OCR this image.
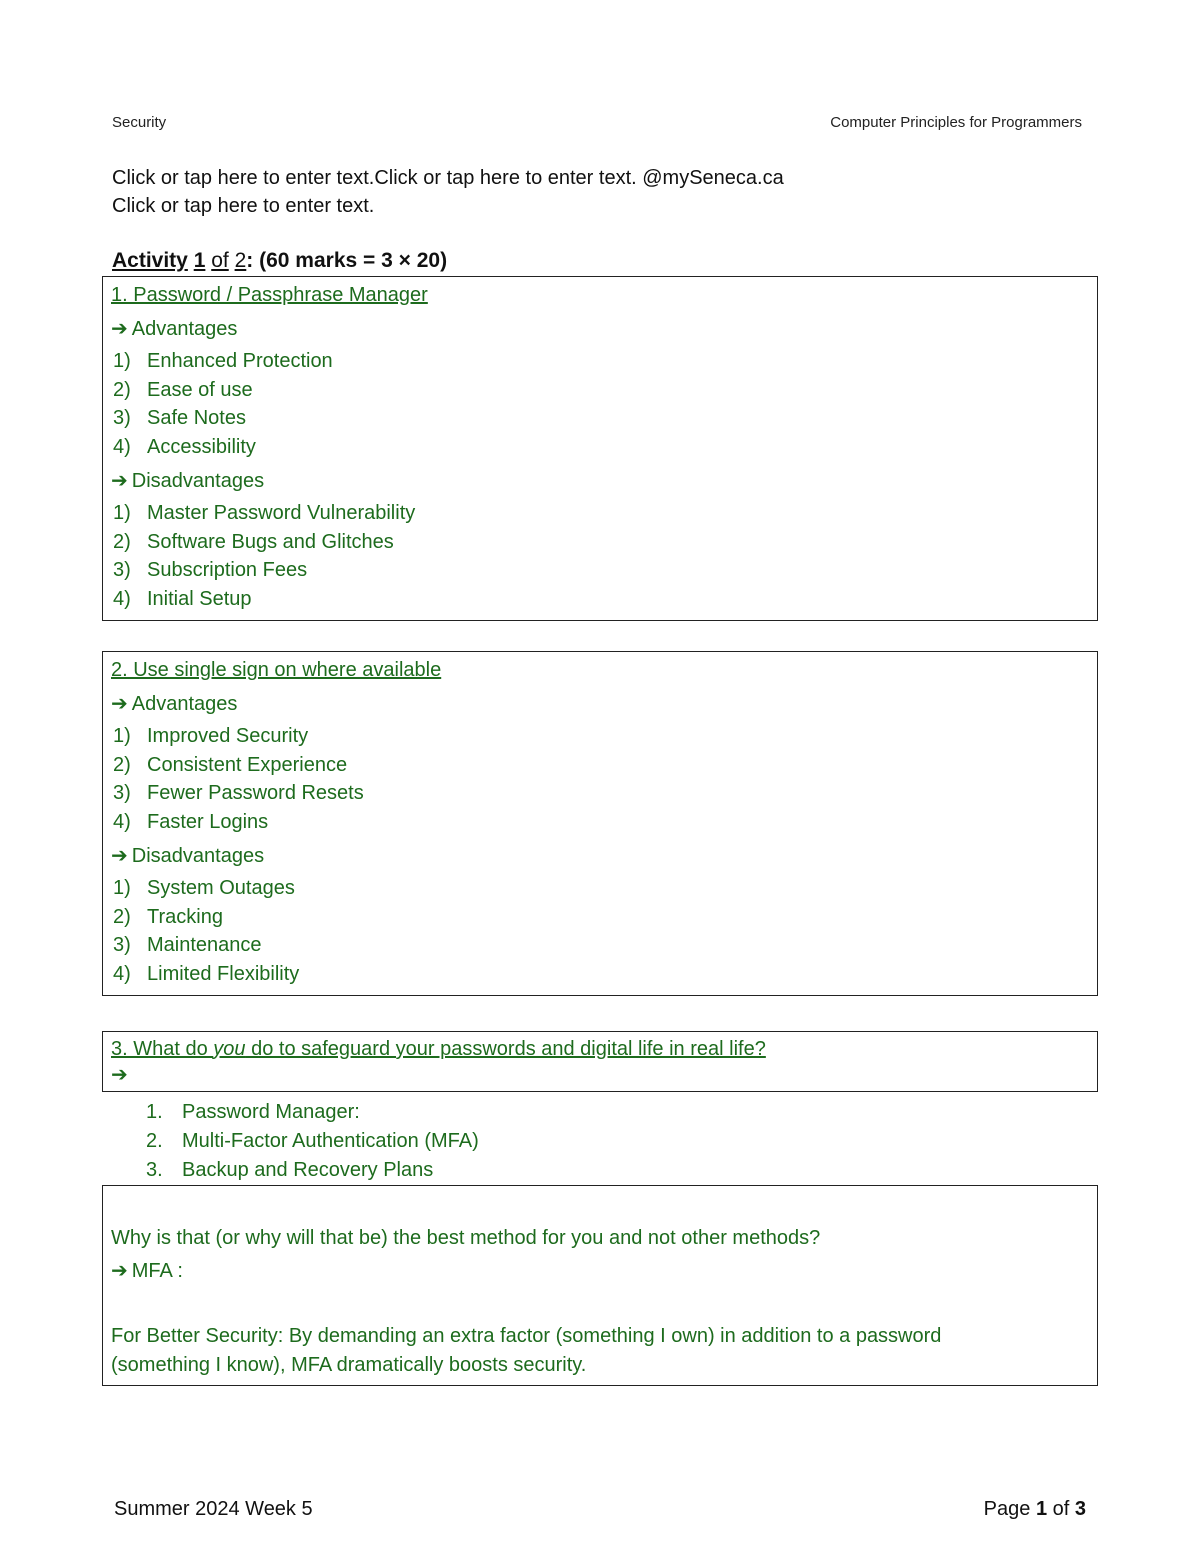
Security	Computer Principles for Programmers
Click or tap here to enter text.Click or tap here to enter text. @mySeneca.ca
Click or tap here to enter text.
Activity 1 of 2: (60 marks = 3 × 20)
1. Password / Passphrase Manager
➔ Advantages
1) Enhanced Protection
2) Ease of use
3) Safe Notes
4) Accessibility
➔ Disadvantages
1) Master Password Vulnerability
2) Software Bugs and Glitches
3) Subscription Fees
4) Initial Setup
2. Use single sign on where available
➔ Advantages
1) Improved Security
2) Consistent Experience
3) Fewer Password Resets
4) Faster Logins
➔ Disadvantages
1) System Outages
2) Tracking
3) Maintenance
4) Limited Flexibility
3. What do you do to safeguard your passwords and digital life in real life?
➔
1. Password Manager:
2. Multi-Factor Authentication (MFA)
3. Backup and Recovery Plans

Why is that (or why will that be) the best method for you and not other methods?

➔ MFA :

For Better Security: By demanding an extra factor (something I own) in addition to a password

(something I know), MFA dramatically boosts security.

Summer 2024 Week 5	Page 1 of 3
